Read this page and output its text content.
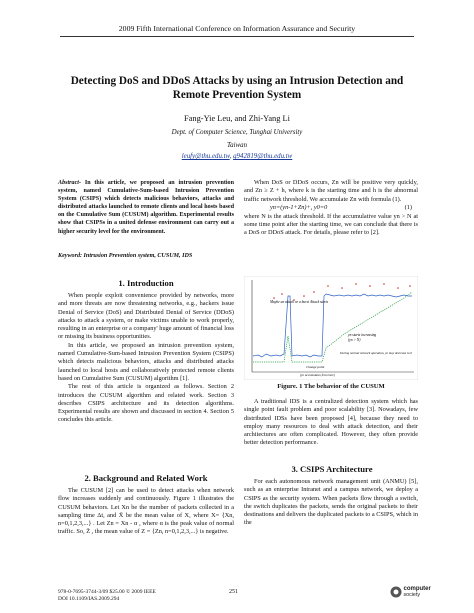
2009 Fifth International Conference on Information Assurance and Security
Detecting DoS and DDoS Attacks by using an Intrusion Detection and Remote Prevention System
Fang-Yie Leu, and Zhi-Yang Li
Dept. of Computer Science, Tunghai University
Taiwan
leufy@thu.edu.tw, g942819@thu.edu.tw
Abstract- In this article, we proposed an intrusion prevention system, named Cumulative-Sum-based Intrusion Prevention System (CSIPS) which detects malicious behaviors, attacks and distributed attacks launched to remote clients and local hosts based on the Cumulative Sum (CUSUM) algorithm. Experimental results show that CSIPSs in a united defense environment can carry out a higher security level for the environment.
Keyword: Intrusion Prevention system, CUSUM, IDS
1. Introduction

When people exploit convenience provided by networks, more and more threats are now threatening networks, e.g., hackers issue Denial of Service (DoS) and Distributed Denial of Service (DDoS) attacks to attack a system, or make victims unable to work properly, resulting in an enterprise or a company' huge amount of financial loss or missing its business opportunities.

In this article, we proposed an intrusion prevention system, named Cumulative-Sum-based Intrusion Prevention System (CSIPS) which detects malicious behaviors, attacks and distributed attacks launched to local hosts and collaboratively protected remote clients based on Cumulative Sum (CUSUM) algorithm [1].

The rest of this article is organized as follows. Section 2 introduces the CUSUM algorithm and related work. Section 3 describes CSIPS architecture and its detection algorithms. Experimental results are shown and discussed in section 4. Section 5 concludes this article.

2. Background and Related Work

The CUSUM [2] can be used to detect attacks when network flow increases suddenly and continuously. Figure 1 illustrates the CUSUM behaviors. Let Xn be the number of packets collected in a sampling time Δt, and X̄ be the mean value of X, where X= {Xn, n=0,1,2,3,...} . Let Zn = Xn - α , where α is the peak value of normal traffic. So, Z̄ , the mean value of Z = {Zn, n=0,1,2,3,...} is negative.

When DoS or DDoS occurs, Zn will be positive very quickly, and Zn ≥ Z + h, where k is the starting time and h is the abnormal traffic network threshold. We accumulate Zn with formula (1).

yn=(yn-1+Zn)+, y0=0	(1)

where N is the attack threshold. If the accumulative value yn > N at some time point after the starting time, we can conclude that there is a DoS or DDoS attack. For details, please refer to [2].

Maybe an attack or a burst Attack starts
yn starts increasing
(yn > N)
During normal network operation, yn may decrease to 0
Change point
(yn accumulates from here)
Figure. 1 The behavior of the CUSUM

A traditional IDS is a centralized detection system which has single point fault problem and poor scalability [3]. Nowadays, few distributed IDSs have been proposed [4], because they need to employ many resources to deal with attack detection, and their architectures are often complicated. However, they often provide better detection performance.

3. CSIPS Architecture

For each autonomous network management unit (ANMU) [5], such as an enterprise Intranet and a campus network, we deploy a CSIPS as the security system. When packets flow through a switch, the switch duplicates the packets, sends the original packets to their destinations and delivers the duplicated packets to a CSIPS, which in the

978-0-7695-3744-3/09 $25.00 © 2009 IEEE
DOI 10.1109/IAS.2009.294
251	computer
society
